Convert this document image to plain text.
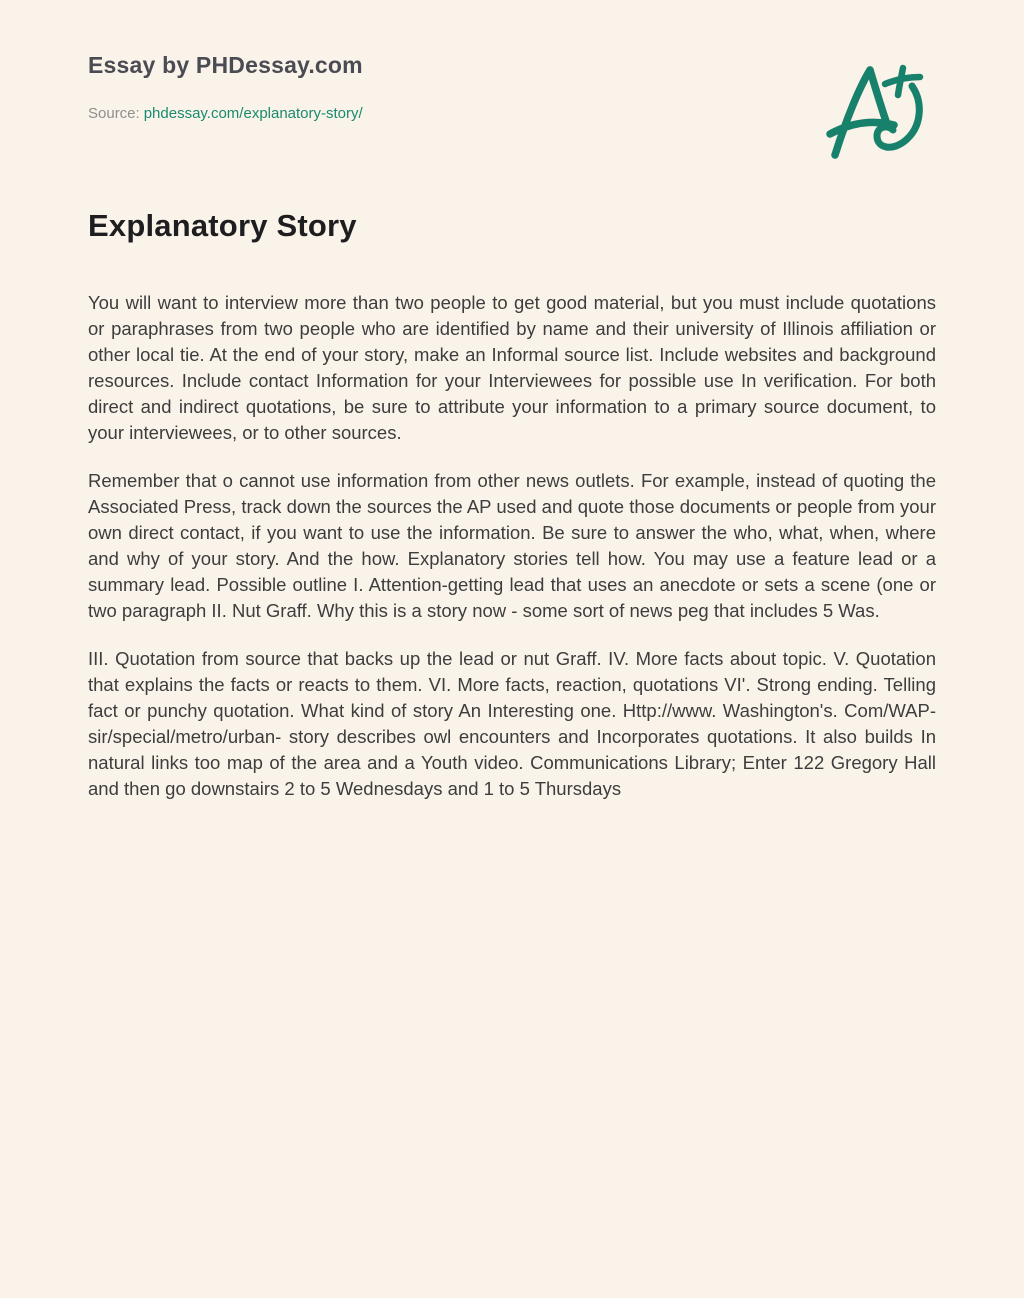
Essay by PHDessay.com
Source: phdessay.com/explanatory-story/
Explanatory Story

You will want to interview more than two people to get good material, but you must include quotations or paraphrases from two people who are identified by name and their university of Illinois affiliation or other local tie. At the end of your story, make an Informal source list. Include websites and background resources. Include contact Information for your Interviewees for possible use In verification. For both direct and indirect quotations, be sure to attribute your information to a primary source document, to your interviewees, or to other sources.

Remember that o cannot use information from other news outlets. For example, instead of quoting the Associated Press, track down the sources the AP used and quote those documents or people from your own direct contact, if you want to use the information. Be sure to answer the who, what, when, where and why of your story. And the how. Explanatory stories tell how. You may use a feature lead or a summary lead. Possible outline I. Attention-getting lead that uses an anecdote or sets a scene (one or two paragraph II. Nut Graff. Why this is a story now - some sort of news peg that includes 5 Was.

III. Quotation from source that backs up the lead or nut Graff. IV. More facts about topic. V. Quotation that explains the facts or reacts to them. VI. More facts, reaction, quotations VI'. Strong ending. Telling fact or punchy quotation. What kind of story An Interesting one. Http://www. Washington's. Com/WAP-sir/special/metro/urban- story describes owl encounters and Incorporates quotations. It also builds In natural links too map of the area and a Youth video. Communications Library; Enter 122 Gregory Hall and then go downstairs 2 to 5 Wednesdays and 1 to 5 Thursdays
